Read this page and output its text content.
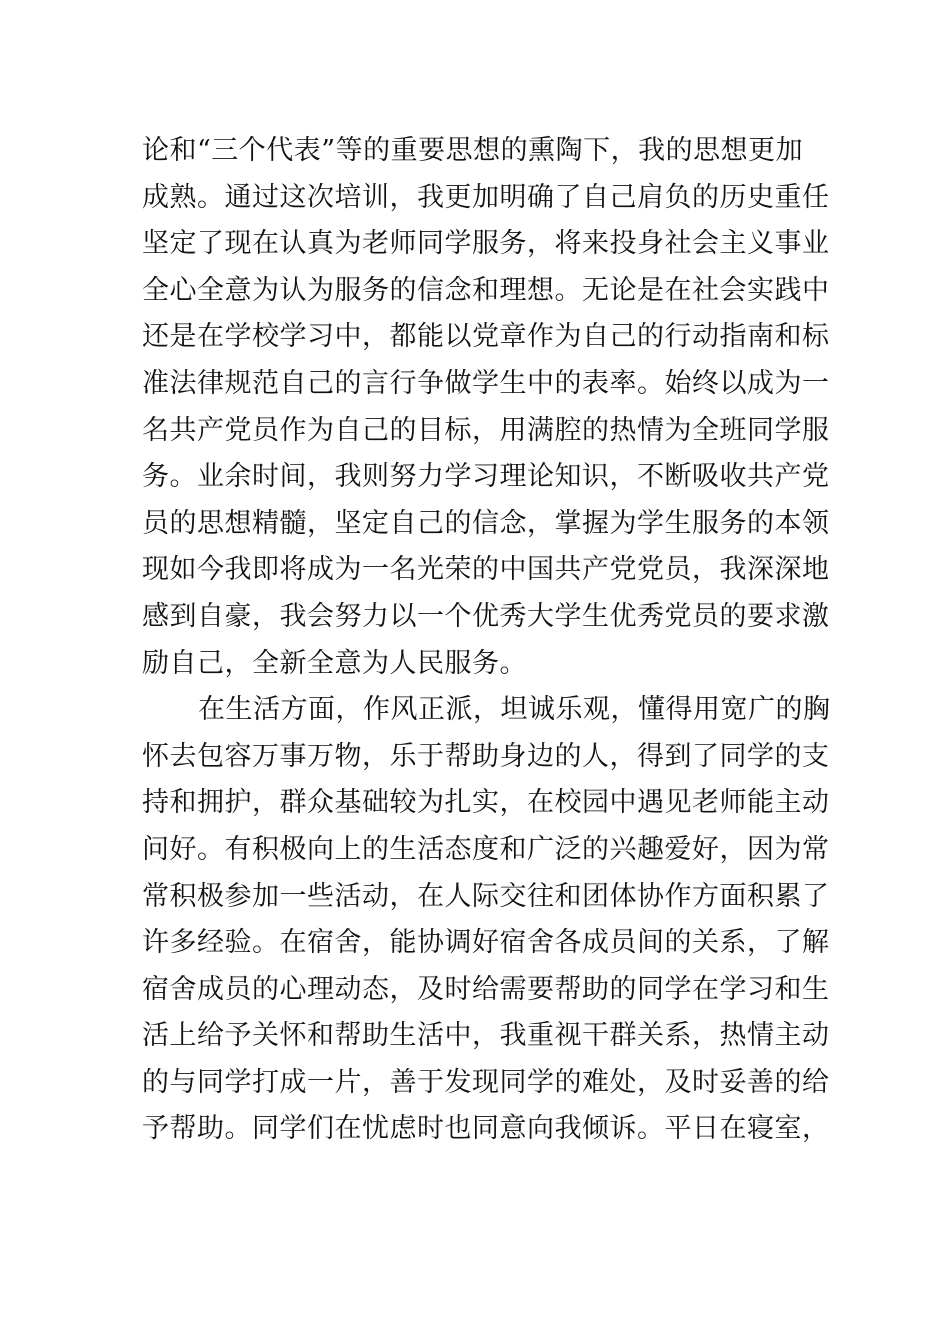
论和“三个代表”等的重要思想的熏陶下，我的思想更加
成熟。通过这次培训，我更加明确了自己肩负的历史重任
坚定了现在认真为老师同学服务，将来投身社会主义事业
全心全意为认为服务的信念和理想。无论是在社会实践中
还是在学校学习中，都能以党章作为自己的行动指南和标
准法律规范自己的言行争做学生中的表率。始终以成为一
名共产党员作为自己的目标，用满腔的热情为全班同学服
务。业余时间，我则努力学习理论知识，不断吸收共产党
员的思想精髓，坚定自己的信念，掌握为学生服务的本领
现如今我即将成为一名光荣的中国共产党党员，我深深地
感到自豪，我会努力以一个优秀大学生优秀党员的要求激
励自己，全新全意为人民服务。
在生活方面，作风正派，坦诚乐观，懂得用宽广的胸
怀去包容万事万物，乐于帮助身边的人，得到了同学的支
持和拥护，群众基础较为扎实，在校园中遇见老师能主动
问好。有积极向上的生活态度和广泛的兴趣爱好，因为常
常积极参加一些活动，在人际交往和团体协作方面积累了
许多经验。在宿舍，能协调好宿舍各成员间的关系，了解
宿舍成员的心理动态，及时给需要帮助的同学在学习和生
活上给予关怀和帮助生活中，我重视干群关系，热情主动
的与同学打成一片，善于发现同学的难处，及时妥善的给
予帮助。同学们在忧虑时也同意向我倾诉。平日在寝室，
